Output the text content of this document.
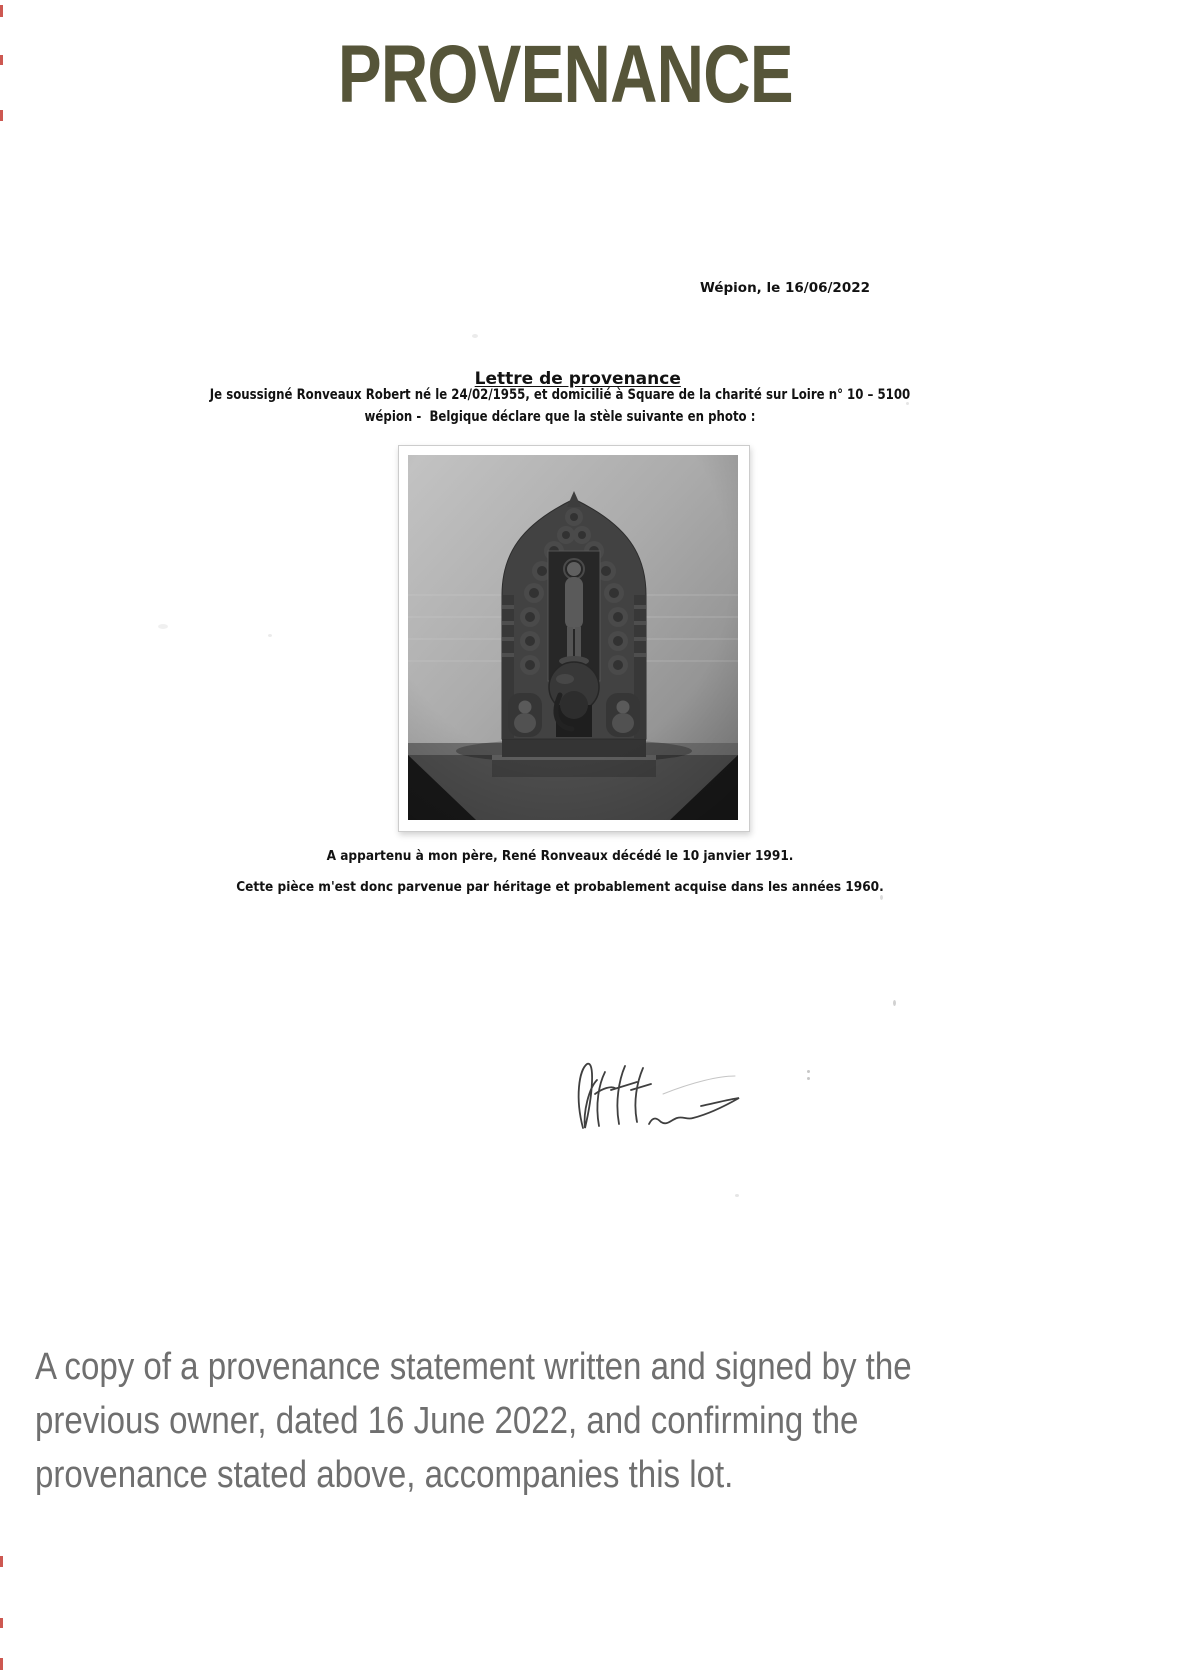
PROVENANCE
Wépion, le 16/06/2022

Lettre de provenance

Je soussigné Ronveaux Robert né le 24/02/1955, et domicilié à Square de la charité sur Loire n° 10 – 5100
wépion -  Belgique déclare que la stèle suivante en photo :
A appartenu à mon père, René Ronveaux décédé le 10 janvier 1991.
Cette pièce m'est donc parvenue par héritage et probablement acquise dans les années 1960.
A copy of a provenance statement written and signed by the
previous owner, dated 16 June 2022, and confirming the
provenance stated above, accompanies this lot.
